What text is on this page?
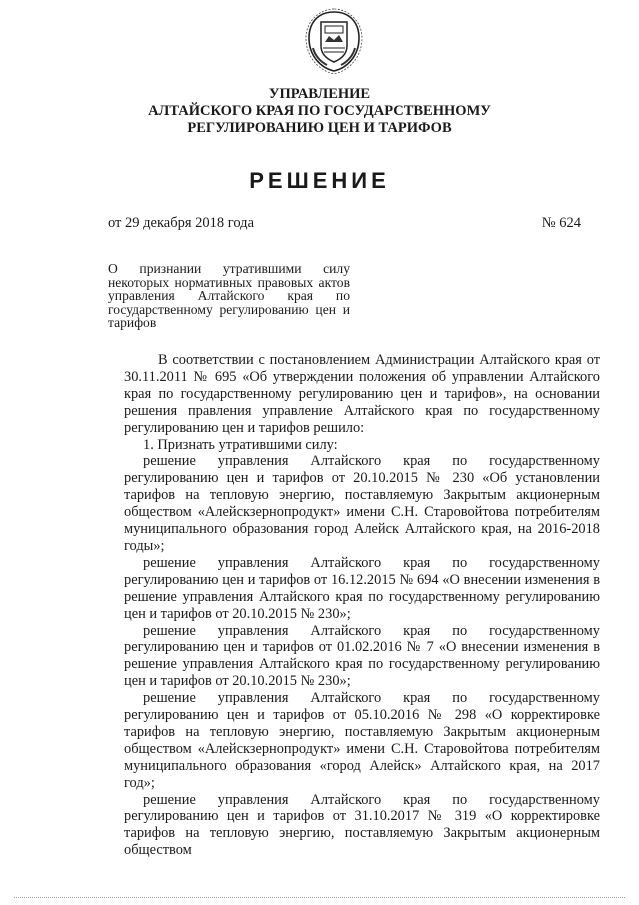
УПРАВЛЕНИЕ
АЛТАЙСКОГО КРАЯ ПО ГОСУДАРСТВЕННОМУ
РЕГУЛИРОВАНИЮ ЦЕН И ТАРИФОВ
РЕШЕНИЕ
от 29 декабря 2018 года	№ 624
О признании утратившими силу некоторых нормативных правовых актов управления Алтайского края по государственному регулированию цен и тарифов

В соответствии с постановлением Администрации Алтайского края от 30.11.2011 № 695 «Об утверждении положения об управлении Алтайского края по государственному регулированию цен и тарифов», на основании решения правления управление Алтайского края по государственному регулированию цен и тарифов решило:

1. Признать утратившими силу:

решение управления Алтайского края по государственному регулированию цен и тарифов от 20.10.2015 № 230 «Об установлении тарифов на тепловую энергию, поставляемую Закрытым акционерным обществом «Алейскзернопродукт» имени С.Н. Старовойтова потребителям муниципального образования город Алейск Алтайского края, на 2016-2018 годы»;

решение управления Алтайского края по государственному регулированию цен и тарифов от 16.12.2015 № 694 «О внесении изменения в решение управления Алтайского края по государственному регулированию цен и тарифов от 20.10.2015 № 230»;

решение управления Алтайского края по государственному регулированию цен и тарифов от 01.02.2016 № 7 «О внесении изменения в решение управления Алтайского края по государственному регулированию цен и тарифов от 20.10.2015 № 230»;

решение управления Алтайского края по государственному регулированию цен и тарифов от 05.10.2016 № 298 «О корректировке тарифов на тепловую энергию, поставляемую Закрытым акционерным обществом «Алейскзернопродукт» имени С.Н. Старовойтова потребителям муниципального образования «город Алейск» Алтайского края, на 2017 год»;

решение управления Алтайского края по государственному регулированию цен и тарифов от 31.10.2017 № 319 «О корректировке тарифов на тепловую энергию, поставляемую Закрытым акционерным обществом
